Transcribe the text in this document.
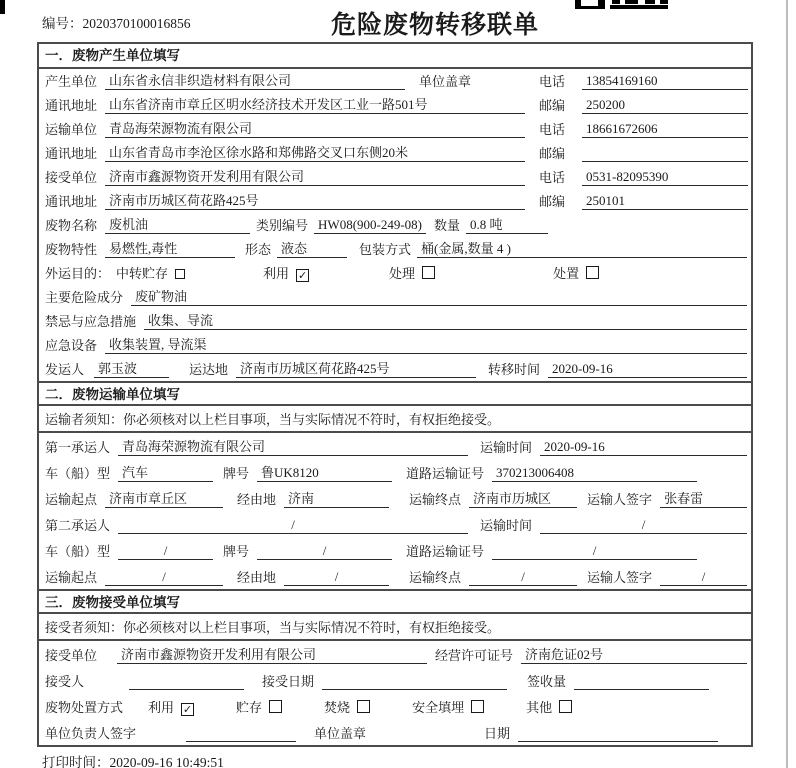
编号：2020370100016856	危险废物转移联单
一．废物产生单位填写
产生单位 山东省永信非织造材料有限公司	单位盖章	电话	13854169160
通讯地址 山东省济南市章丘区明水经济技术开发区工业一路501号	邮编	250200
运输单位 青岛海荣源物流有限公司	电话	18661672606
通讯地址 山东省青岛市李沧区徐水路和郑佛路交叉口东侧20米	邮编
接受单位 济南市鑫源物资开发利用有限公司	电话	0531-82095390
通讯地址 济南市历城区荷花路425号	邮编	250101
废物名称 废机油	类别编号 HW08(900-249-08) 数量 0.8 吨
废物特性 易燃性,毒性	形态 液态	包装方式 桶(金属,数量 4 )
外运目的： 中转贮存	利用 ✓	处理	处置
主要危险成分 废矿物油
禁忌与应急措施 收集、导流
应急设备 收集装置, 导流渠
发运人	郭玉波	运达地 济南市历城区荷花路425号	转移时间 2020-09-16
二．废物运输单位填写
运输者须知：你必须核对以上栏目事项，当与实际情况不符时，有权拒绝接受。
第一承运人 青岛海荣源物流有限公司	运输时间 2020-09-16
车（船）型 汽车	牌号 鲁UK8120	道路运输证号 370213006408
运输起点 济南市章丘区	经由地 济南	运输终点 济南市历城区	运输人签字 张春雷
第二承运人	/	运输时间	/
车（船）型	/	牌号	/	道路运输证号	/
运输起点	/	经由地	/	运输终点	/	运输人签字	/
三．废物接受单位填写
接受者须知：你必须核对以上栏目事项，当与实际情况不符时，有权拒绝接受。
接受单位	济南市鑫源物资开发利用有限公司	经营许可证号 济南危证02号
接受人	接受日期	签收量
废物处置方式 利用 ✓	贮存	焚烧	安全填埋	其他
单位负责人签字	单位盖章	日期
打印时间：2020-09-16 10:49:51
